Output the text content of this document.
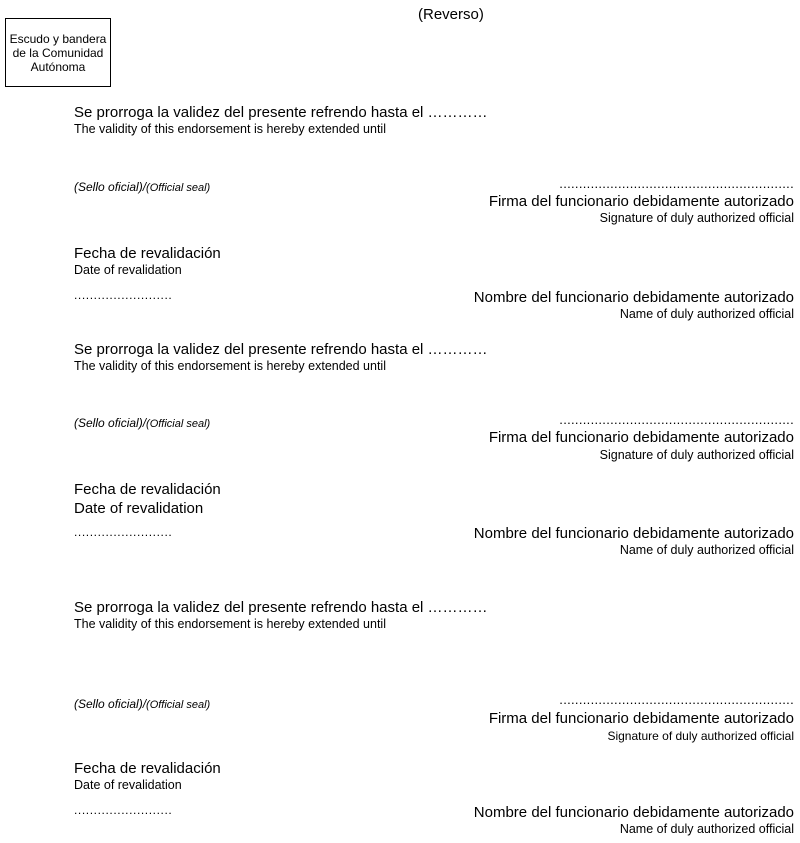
(Reverso)
Escudo y bandera de la Comunidad Autónoma
Se prorroga la validez del presente refrendo hasta el …………
The validity of this endorsement is hereby extended until
(Sello oficial)/(Official seal)	............................................................
Firma del funcionario debidamente autorizado
Signature of duly authorized official
Fecha de revalidación
Date of revalidation
.........................	Nombre del funcionario debidamente autorizado
Name of duly authorized official
Se prorroga la validez del presente refrendo hasta el …………
The validity of this endorsement is hereby extended until
(Sello oficial)/(Official seal)	............................................................
Firma del funcionario debidamente autorizado
Signature of duly authorized official
Fecha de revalidación
Date of revalidation
.........................	Nombre del funcionario debidamente autorizado
Name of duly authorized official
Se prorroga la validez del presente refrendo hasta el …………
The validity of this endorsement is hereby extended until
(Sello oficial)/(Official seal)	............................................................
Firma del funcionario debidamente autorizado
Signature of duly authorized official
Fecha de revalidación
Date of revalidation
.........................	Nombre del funcionario debidamente autorizado
Name of duly authorized official
